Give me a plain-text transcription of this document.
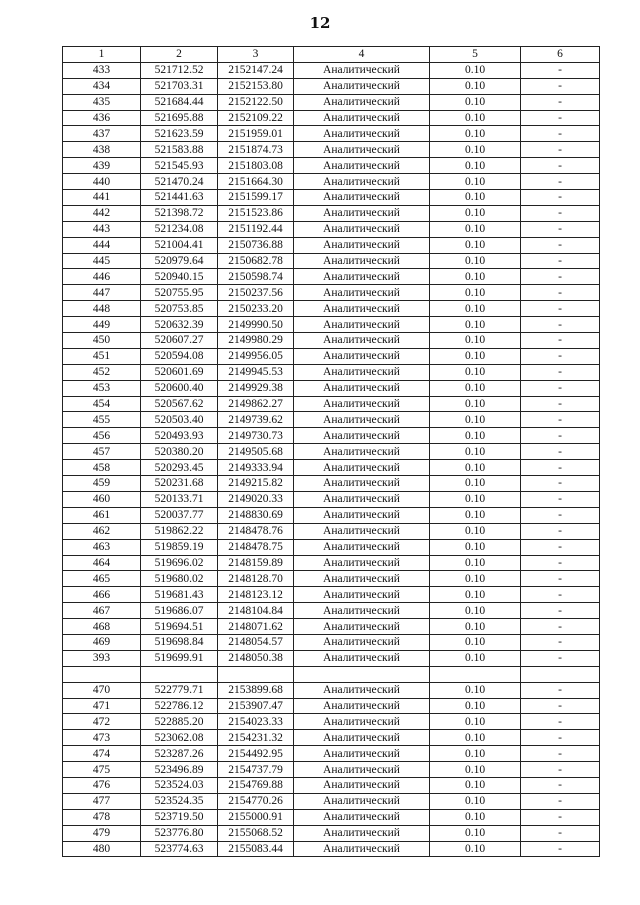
12
1	2	3	4	5	6
433	521712.52	2152147.24	Аналитический	0.10	-
434	521703.31	2152153.80	Аналитический	0.10	-
435	521684.44	2152122.50	Аналитический	0.10	-
436	521695.88	2152109.22	Аналитический	0.10	-
437	521623.59	2151959.01	Аналитический	0.10	-
438	521583.88	2151874.73	Аналитический	0.10	-
439	521545.93	2151803.08	Аналитический	0.10	-
440	521470.24	2151664.30	Аналитический	0.10	-
441	521441.63	2151599.17	Аналитический	0.10	-
442	521398.72	2151523.86	Аналитический	0.10	-
443	521234.08	2151192.44	Аналитический	0.10	-
444	521004.41	2150736.88	Аналитический	0.10	-
445	520979.64	2150682.78	Аналитический	0.10	-
446	520940.15	2150598.74	Аналитический	0.10	-
447	520755.95	2150237.56	Аналитический	0.10	-
448	520753.85	2150233.20	Аналитический	0.10	-
449	520632.39	2149990.50	Аналитический	0.10	-
450	520607.27	2149980.29	Аналитический	0.10	-
451	520594.08	2149956.05	Аналитический	0.10	-
452	520601.69	2149945.53	Аналитический	0.10	-
453	520600.40	2149929.38	Аналитический	0.10	-
454	520567.62	2149862.27	Аналитический	0.10	-
455	520503.40	2149739.62	Аналитический	0.10	-
456	520493.93	2149730.73	Аналитический	0.10	-
457	520380.20	2149505.68	Аналитический	0.10	-
458	520293.45	2149333.94	Аналитический	0.10	-
459	520231.68	2149215.82	Аналитический	0.10	-
460	520133.71	2149020.33	Аналитический	0.10	-
461	520037.77	2148830.69	Аналитический	0.10	-
462	519862.22	2148478.76	Аналитический	0.10	-
463	519859.19	2148478.75	Аналитический	0.10	-
464	519696.02	2148159.89	Аналитический	0.10	-
465	519680.02	2148128.70	Аналитический	0.10	-
466	519681.43	2148123.12	Аналитический	0.10	-
467	519686.07	2148104.84	Аналитический	0.10	-
468	519694.51	2148071.62	Аналитический	0.10	-
469	519698.84	2148054.57	Аналитический	0.10	-
393	519699.91	2148050.38	Аналитический	0.10	-

470	522779.71	2153899.68	Аналитический	0.10	-
471	522786.12	2153907.47	Аналитический	0.10	-
472	522885.20	2154023.33	Аналитический	0.10	-
473	523062.08	2154231.32	Аналитический	0.10	-
474	523287.26	2154492.95	Аналитический	0.10	-
475	523496.89	2154737.79	Аналитический	0.10	-
476	523524.03	2154769.88	Аналитический	0.10	-
477	523524.35	2154770.26	Аналитический	0.10	-
478	523719.50	2155000.91	Аналитический	0.10	-
479	523776.80	2155068.52	Аналитический	0.10	-
480	523774.63	2155083.44	Аналитический	0.10	-
